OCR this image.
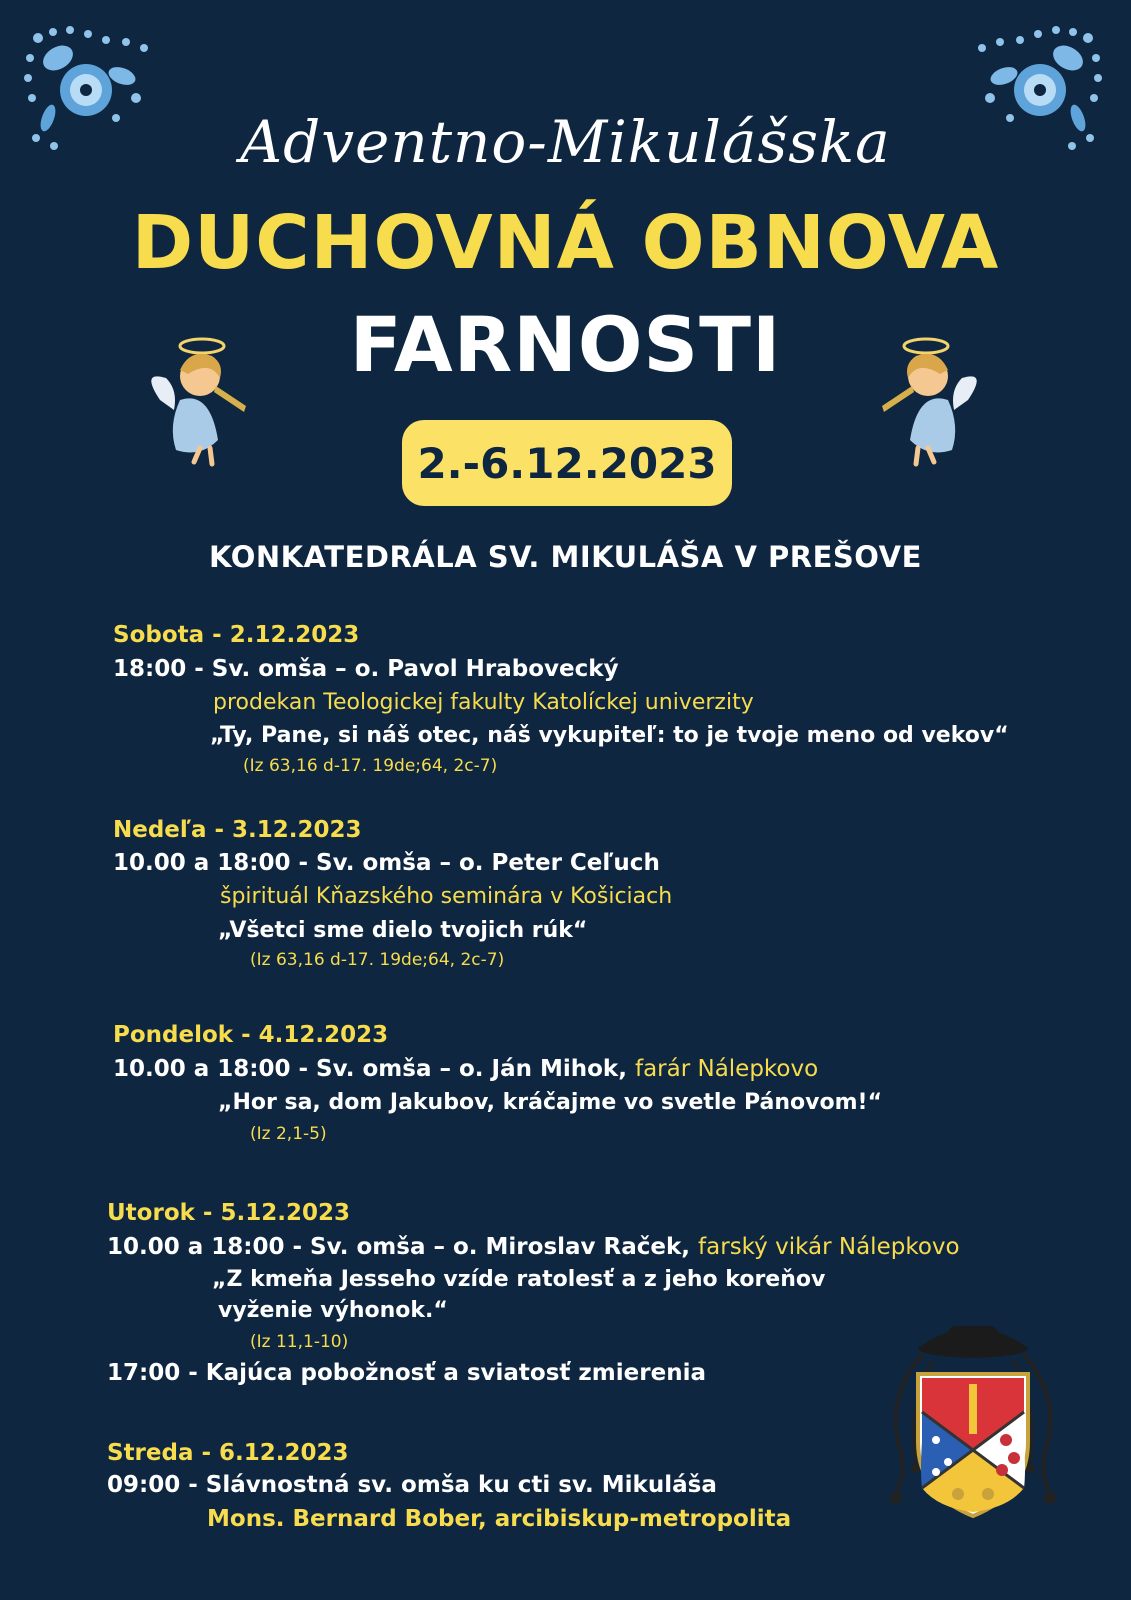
Adventno-Mikulášska
DUCHOVNÁ OBNOVA
FARNOSTI
2.-6.12.2023
KONKATEDRÁLA SV. MIKULÁŠA V PREŠOVE
Sobota - 2.12.2023
18:00 - Sv. omša – o. Pavol Hrabovecký
prodekan Teologickej fakulty Katolíckej univerzity
„Ty, Pane, si náš otec, náš vykupiteľ: to je tvoje meno od vekov“
(Iz 63,16 d-17. 19de;64, 2c-7)
Nedeľa - 3.12.2023
10.00 a 18:00 - Sv. omša – o. Peter Ceľuch
špirituál Kňazského seminára v Košiciach
„Všetci sme dielo tvojich rúk“
(Iz 63,16 d-17. 19de;64, 2c-7)
Pondelok - 4.12.2023
10.00 a 18:00 - Sv. omša – o. Ján Mihok, farár Nálepkovo
„Hor sa, dom Jakubov, kráčajme vo svetle Pánovom!“
(Iz 2,1-5)
Utorok - 5.12.2023
10.00 a 18:00 - Sv. omša – o. Miroslav Raček, farský vikár Nálepkovo
„Z kmeňa Jesseho vzíde ratolesť a z jeho koreňov
vyženie výhonok.“
(Iz 11,1-10)
17:00 - Kajúca pobožnosť a sviatosť zmierenia
Streda - 6.12.2023
09:00 - Slávnostná sv. omša ku cti sv. Mikuláša
Mons. Bernard Bober, arcibiskup-metropolita
